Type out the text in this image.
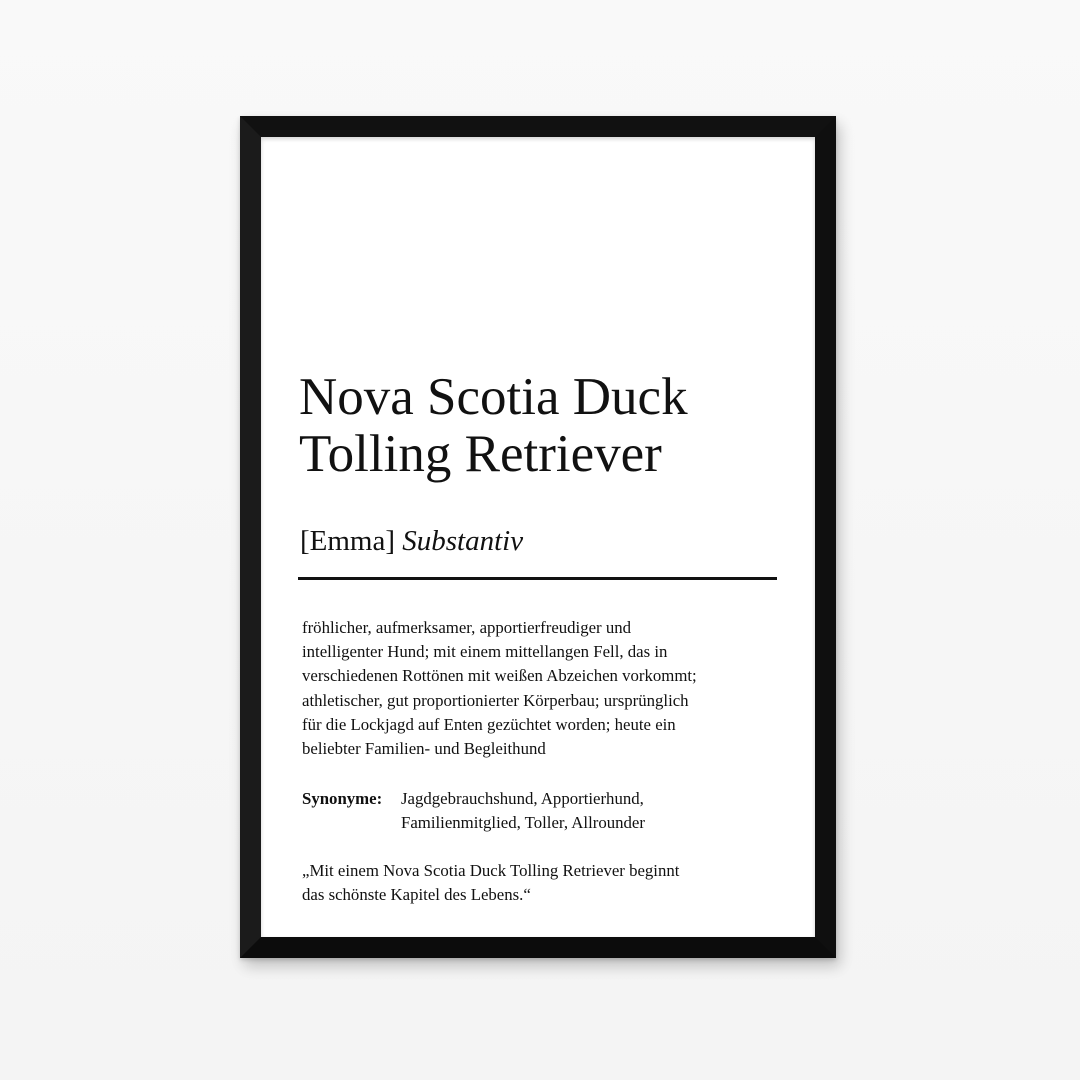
Nova Scotia Duck
Tolling Retriever
[Emma] Substantiv

fröhlicher, aufmerksamer, apportierfreudiger und
intelligenter Hund; mit einem mittellangen Fell, das in
verschiedenen Rottönen mit weißen Abzeichen vorkommt;
athletischer, gut proportionierter Körperbau; ursprünglich
für die Lockjagd auf Enten gezüchtet worden; heute ein
beliebter Familien- und Begleithund

Synonyme: Jagdgebrauchshund, Apportierhund,
Familienmitglied, Toller, Allrounder
„Mit einem Nova Scotia Duck Tolling Retriever beginnt
das schönste Kapitel des Lebens.“
